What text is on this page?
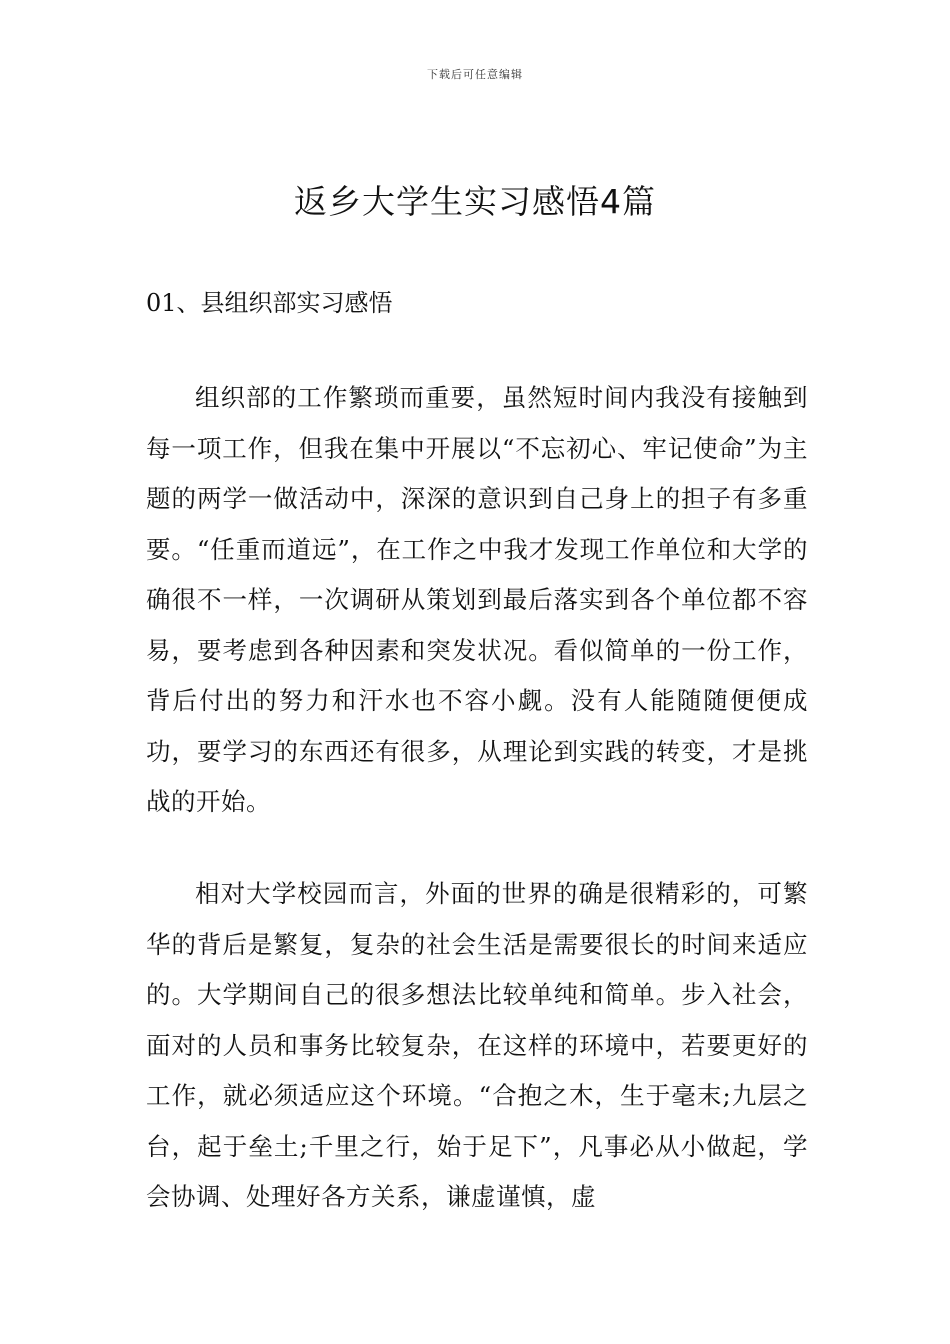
下载后可任意编辑
返乡大学生实习感悟4篇
01、县组织部实习感悟

组织部的工作繁琐而重要，虽然短时间内我没有接触到每一项工作，但我在集中开展以“不忘初心、牢记使命”为主题的两学一做活动中，深深的意识到自己身上的担子有多重要。“任重而道远”，在工作之中我才发现工作单位和大学的确很不一样，一次调研从策划到最后落实到各个单位都不容易，要考虑到各种因素和突发状况。看似简单的一份工作，背后付出的努力和汗水也不容小觑。没有人能随随便便成功，要学习的东西还有很多，从理论到实践的转变，才是挑战的开始。

相对大学校园而言，外面的世界的确是很精彩的，可繁华的背后是繁复，复杂的社会生活是需要很长的时间来适应的。大学期间自己的很多想法比较单纯和简单。步入社会，面对的人员和事务比较复杂，在这样的环境中，若要更好的工作，就必须适应这个环境。“合抱之木，生于毫末;九层之台，起于垒土;千里之行，始于足下”，凡事必从小做起，学会协调、处理好各方关系，谦虚谨慎，虚
